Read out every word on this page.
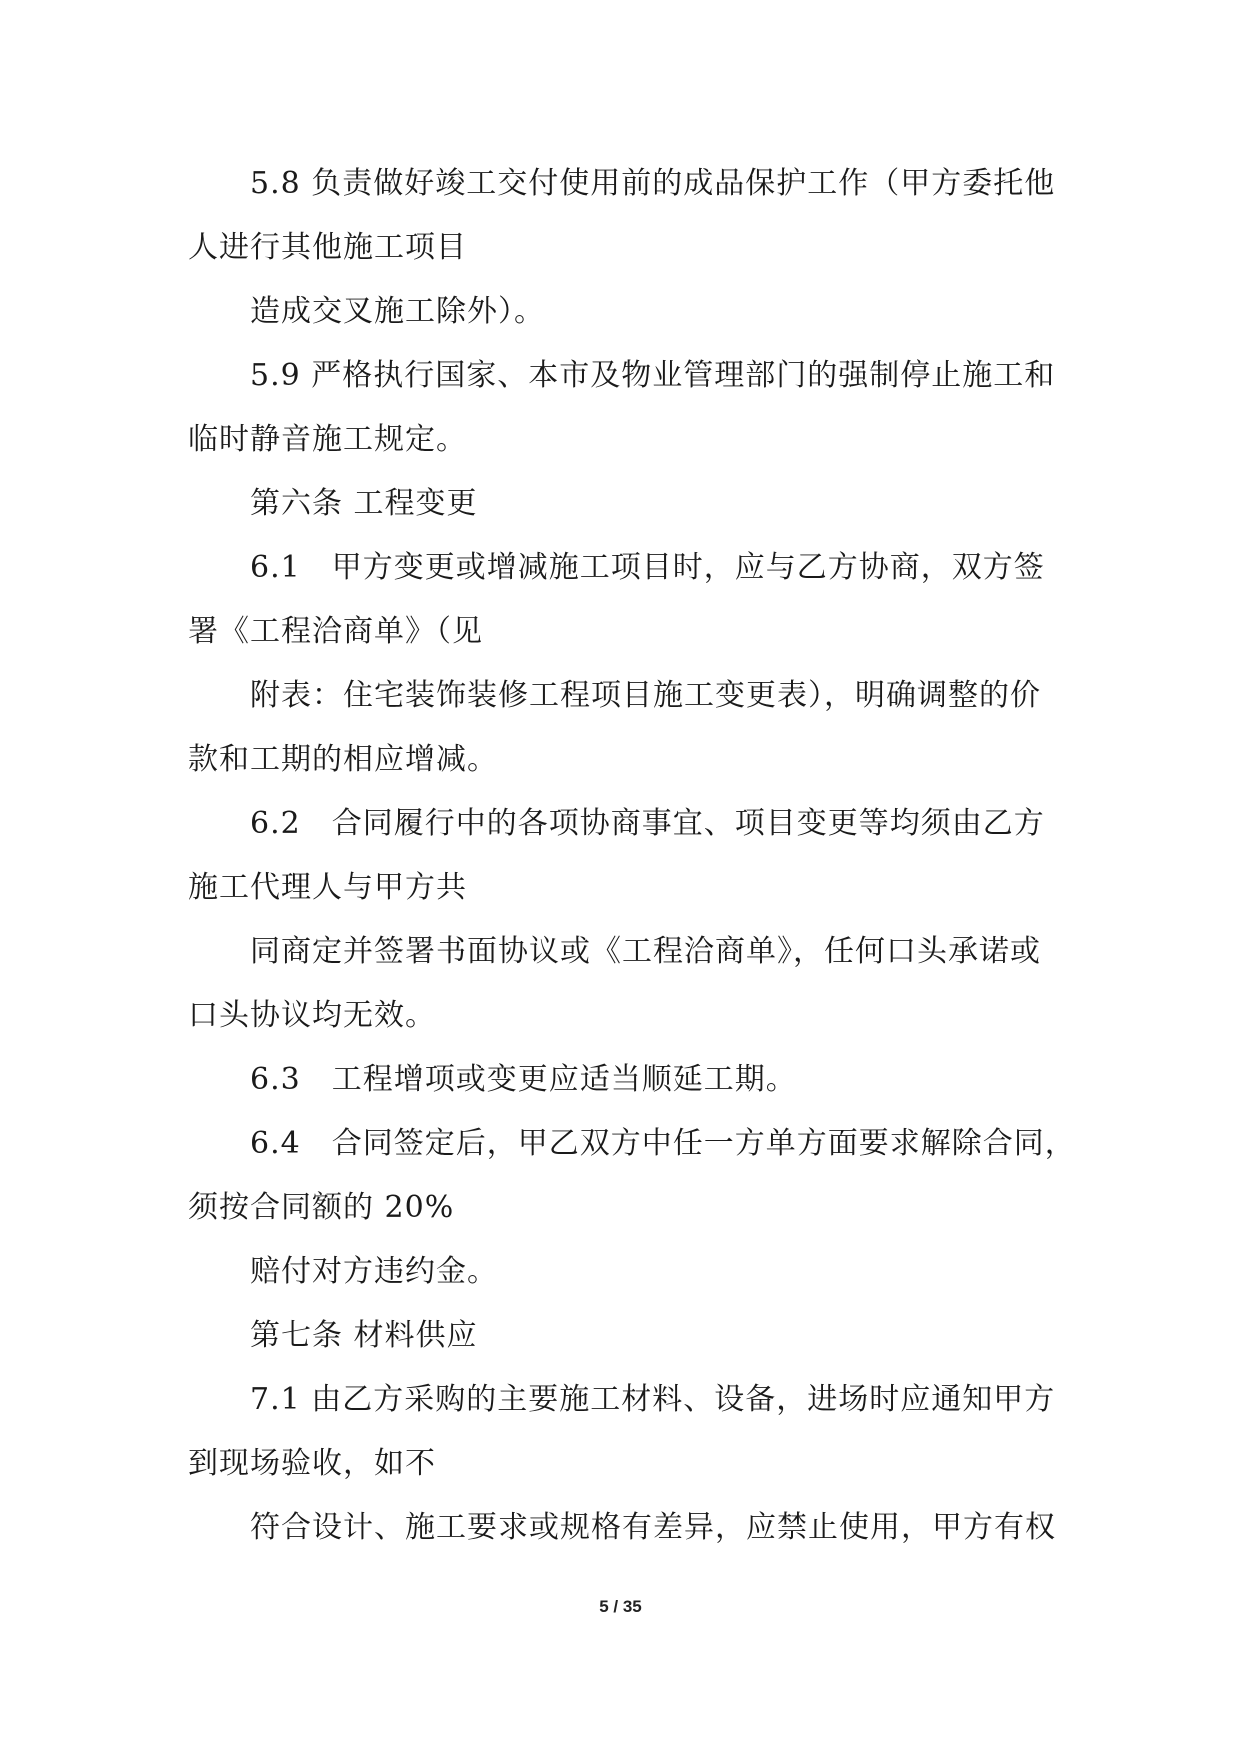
5.8 负责做好竣工交付使用前的成品保护工作（甲方委托他
人进行其他施工项目
造成交叉施工除外）。
5.9 严格执行国家、本市及物业管理部门的强制停止施工和
临时静音施工规定。
第六条 工程变更
6.1　甲方变更或增减施工项目时，应与乙方协商，双方签
署《工程洽商单》（见
附表：住宅装饰装修工程项目施工变更表），明确调整的价
款和工期的相应增减。
6.2　合同履行中的各项协商事宜、项目变更等均须由乙方
施工代理人与甲方共
同商定并签署书面协议或《工程洽商单》，任何口头承诺或
口头协议均无效。
6.3　工程增项或变更应适当顺延工期。
6.4　合同签定后，甲乙双方中任一方单方面要求解除合同，
须按合同额的 20%
赔付对方违约金。
第七条 材料供应
7.1 由乙方采购的主要施工材料、设备，进场时应通知甲方
到现场验收，如不
符合设计、施工要求或规格有差异，应禁止使用，甲方有权
5 / 35
